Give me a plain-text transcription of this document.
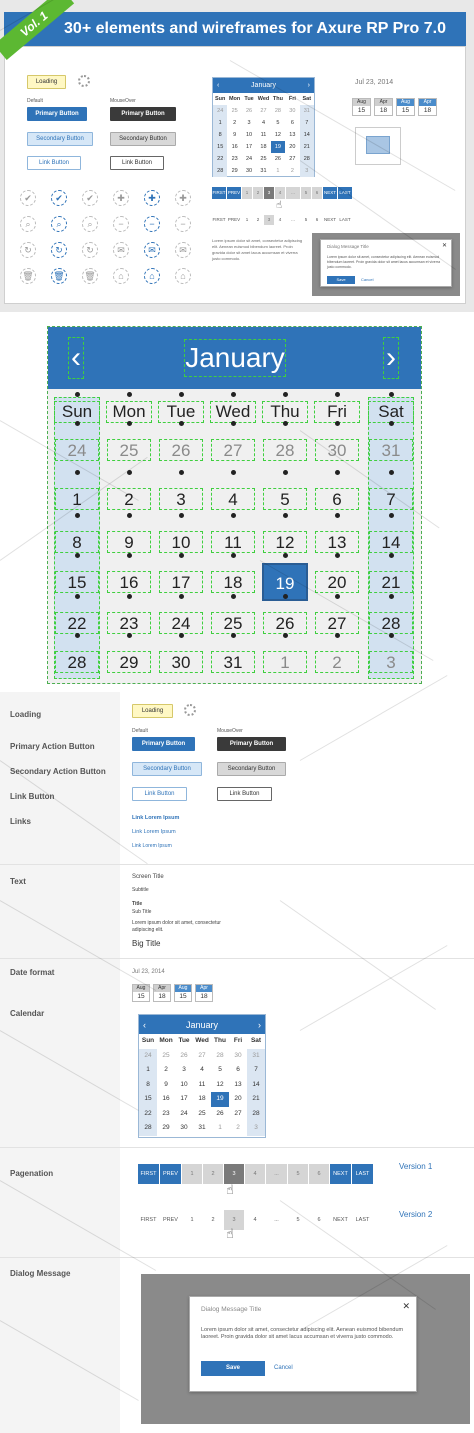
30+ elements and wireframes for Axure RP Pro 7.0
Vol. 1
Loading
Default	MouseOver
Primary Button	Primary Button
Secondary Button	Secondary Button
Link Button	Link Button
✔	✔	✔	✚	✚	✚
⌕	⌕	⌕	−	−	−
↻	↻	↻	✉	✉	✉
🗑 🗑 🗑	⌂	⌂	⌂
‹	January	›
Sun Mon Tue Wed Thu	Fri	Sat
24	25	26	27	28	30	31
1	2	3	4	5	6	7
8	9	10	11	12	13	14
15	16	17	18	19	20	21
22	23	24	25	26	27	28
28	29	30	31	1	2	3
Jul 23, 2014
Aug
15
Apr
18
Aug
15
Apr
18
FIRST PREV	1	2	3	4	...	5	6	NEXT LAST
FIRST PREV	1	2	3	4	...	5	6	NEXT LAST
☝
Lorem ipsum dolor sit amet, consectetur adipiscing elit. Aenean euismod bibendum laoreet. Proin gravida dolor sit amet lacus accumsan et viverra justo commodo.
Dialog Message Title	✕
Lorem ipsum dolor sit amet, consectetur adipiscing elit. Aenean euismod bibendum laoreet. Proin gravida dolor sit amet lacus accumsan et viverra justo commodo.
Save	Cancel
‹	January	›
Sun	Mon	Tue	Wed	Thu	Fri	Sat
24	25	26	27	28	30	31
1	2	3	4	5	6	7
8	9	10	11	12	13	14
15	16	17	18	19	20	21
22	23	24	25	26	27	28
28	29	30	31	1	2	3
Loading
Primary Action Button
Secondary Action Button
Link Button
Links
Text
Date format
Calendar
Pagenation
Dialog Message
Loading
Default	MouseOver
Primary Button	Primary Button
Secondary Button	Secondary Button
Link Button	Link Button
Link Lorem Ipsum
Link Lorem Ipsum
Link Lorem Ipsum
Screen Title
Subtitle
Title
Sub Title
Lorem ipsum dolor sit amet, consectetur adipiscing elit.
Big Title
Jul 23, 2014
Aug
15
Apr
18
Aug
15
Apr
18
‹	January	›
Sun Mon Tue Wed Thu	Fri	Sat
24	25	26	27	28	30	31
1	2	3	4	5	6	7
8	9	10	11	12	13	14
15	16	17	18	19	20	21
22	23	24	25	26	27	28
28	29	30	31	1	2	3
FIRST	PREV	1	2	3	4	...	5	6	NEXT	LAST
Version 1
☝
FIRST	PREV	1	2	3	4	...	5	6	NEXT	LAST
Version 2
☝
Dialog Message Title	✕
Lorem ipsum dolor sit amet, consectetur adipiscing elit. Aenean euismod bibendum laoreet. Proin gravida dolor sit amet lacus accumsan et viverra justo commodo.
Save	Cancel
